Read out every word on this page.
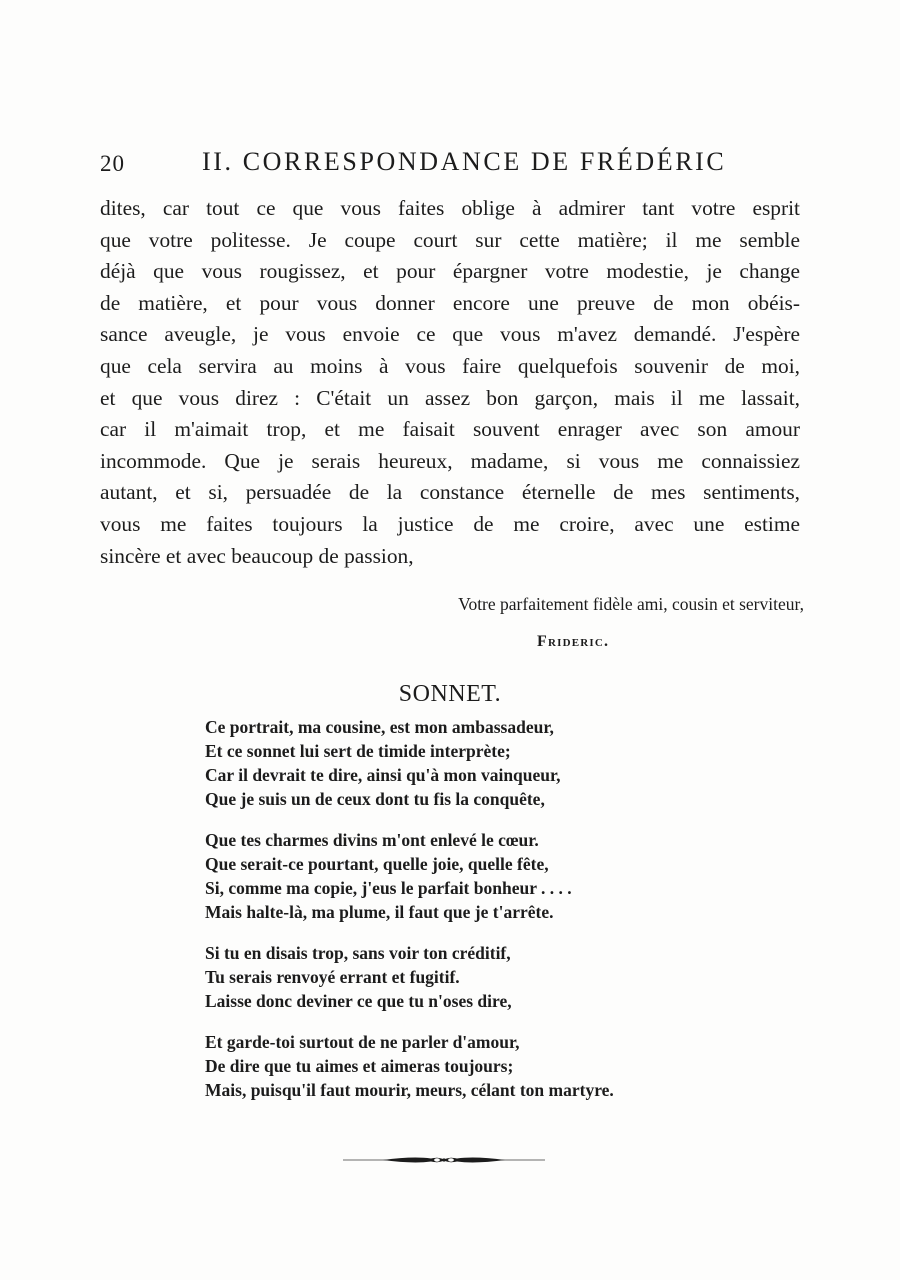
20	II. CORRESPONDANCE DE FRÉDÉRIC
dites, car tout ce que vous faites oblige à admirer tant votre esprit
que votre politesse. Je coupe court sur cette matière; il me semble
déjà que vous rougissez, et pour épargner votre modestie, je change
de matière, et pour vous donner encore une preuve de mon obéis-
sance aveugle, je vous envoie ce que vous m'avez demandé. J'espère
que cela servira au moins à vous faire quelquefois souvenir de moi,
et que vous direz : C'était un assez bon garçon, mais il me lassait,
car il m'aimait trop, et me faisait souvent enrager avec son amour
incommode. Que je serais heureux, madame, si vous me connaissiez
autant, et si, persuadée de la constance éternelle de mes sentiments,
vous me faites toujours la justice de me croire, avec une estime
sincère et avec beaucoup de passion,
Votre parfaitement fidèle ami, cousin et serviteur,
Frideric.
SONNET.
Ce portrait, ma cousine, est mon ambassadeur,
Et ce sonnet lui sert de timide interprète;
Car il devrait te dire, ainsi qu'à mon vainqueur,
Que je suis un de ceux dont tu fis la conquête,
Que tes charmes divins m'ont enlevé le cœur.
Que serait-ce pourtant, quelle joie, quelle fête,
Si, comme ma copie, j'eus le parfait bonheur . . . .
Mais halte-là, ma plume, il faut que je t'arrête.
Si tu en disais trop, sans voir ton créditif,
Tu serais renvoyé errant et fugitif.
Laisse donc deviner ce que tu n'oses dire,
Et garde-toi surtout de ne parler d'amour,
De dire que tu aimes et aimeras toujours;
Mais, puisqu'il faut mourir, meurs, célant ton martyre.
